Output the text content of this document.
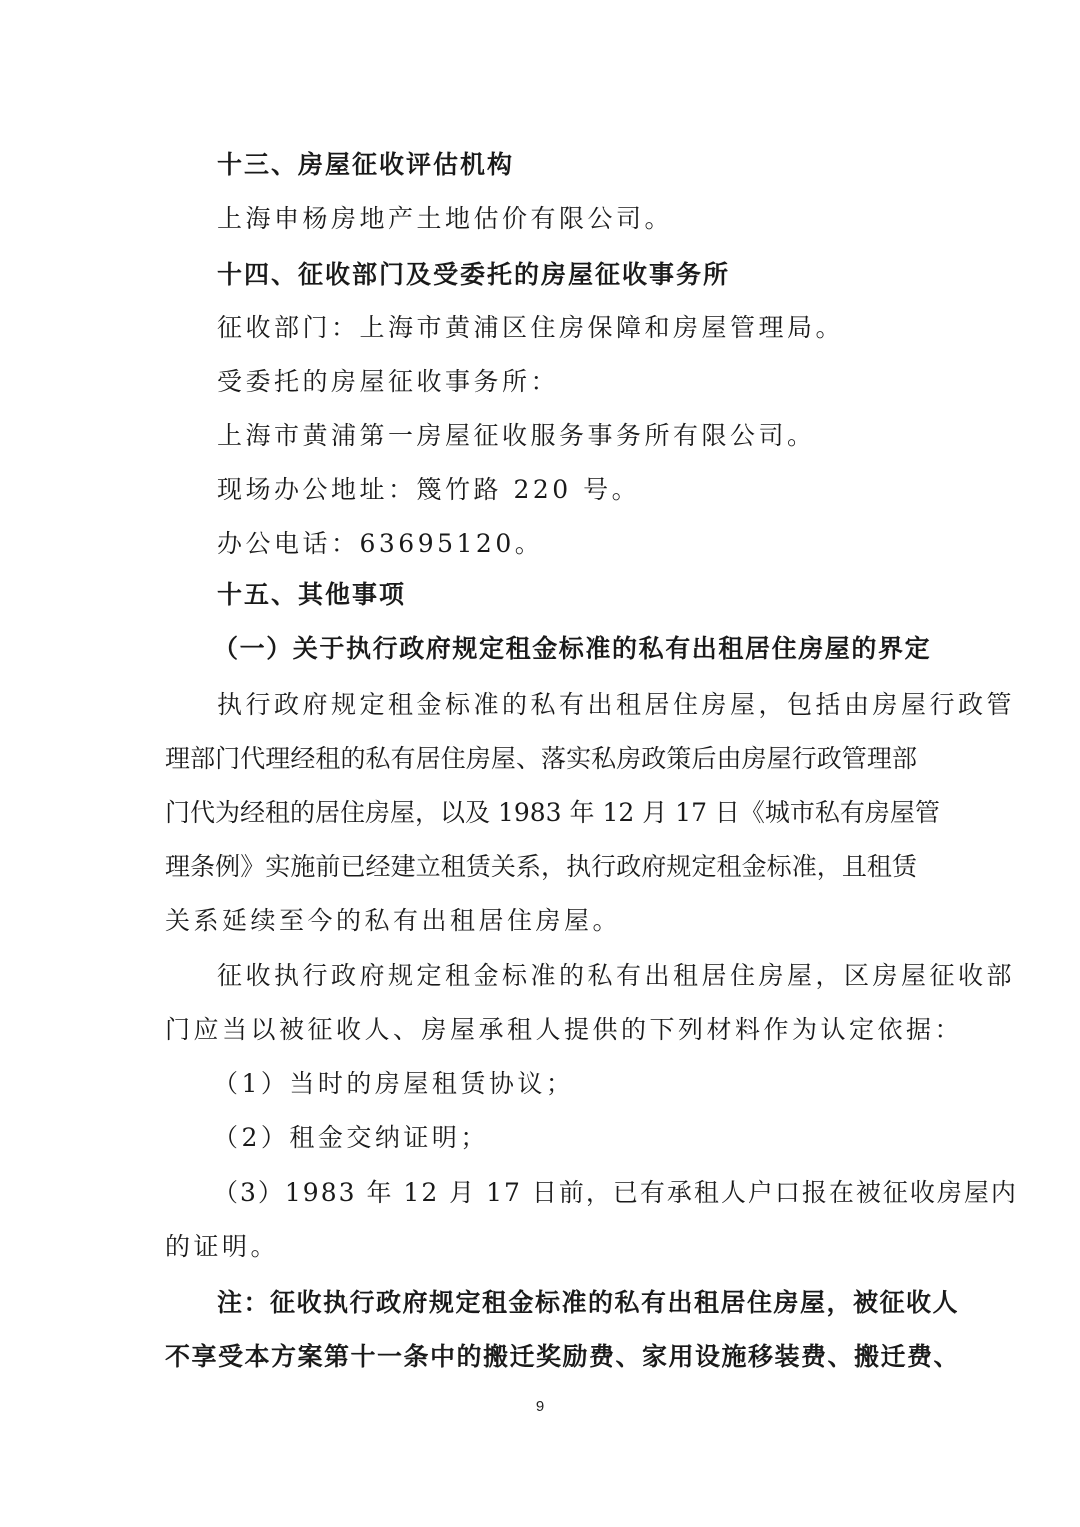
十三、房屋征收评估机构
上海申杨房地产土地估价有限公司。
十四、征收部门及受委托的房屋征收事务所
征收部门：上海市黄浦区住房保障和房屋管理局。
受委托的房屋征收事务所：
上海市黄浦第一房屋征收服务事务所有限公司。
现场办公地址：篾竹路 220 号。
办公电话：63695120。
十五、其他事项
（一）关于执行政府规定租金标准的私有出租居住房屋的界定
执行政府规定租金标准的私有出租居住房屋，包括由房屋行政管
理部门代理经租的私有居住房屋、落实私房政策后由房屋行政管理部
门代为经租的居住房屋，以及 1983 年 12 月 17 日《城市私有房屋管
理条例》实施前已经建立租赁关系，执行政府规定租金标准，且租赁
关系延续至今的私有出租居住房屋。
征收执行政府规定租金标准的私有出租居住房屋，区房屋征收部
门应当以被征收人、房屋承租人提供的下列材料作为认定依据：
（1）当时的房屋租赁协议；
（2）租金交纳证明；
（3）1983 年 12 月 17 日前，已有承租人户口报在被征收房屋内
的证明。
注：征收执行政府规定租金标准的私有出租居住房屋，被征收人
不享受本方案第十一条中的搬迁奖励费、家用设施移装费、搬迁费、
9
